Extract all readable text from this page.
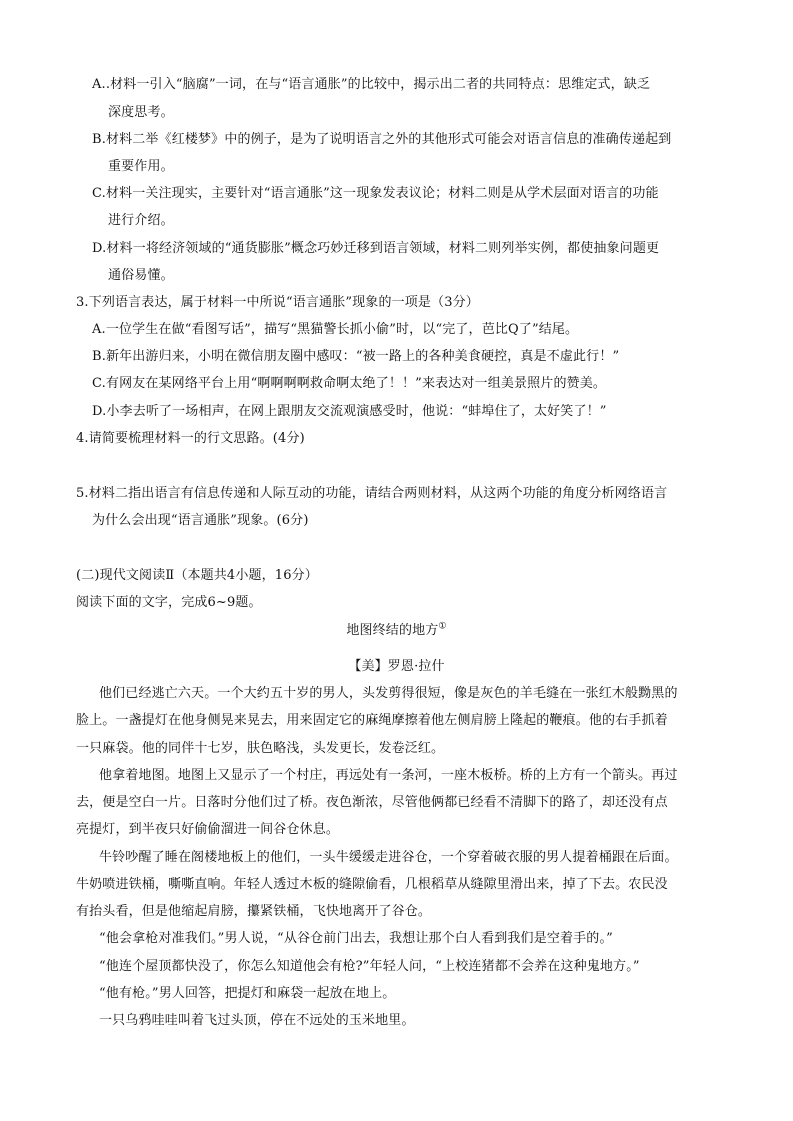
A..材料一引入“脑腐”一词，在与“语言通胀”的比较中，揭示出二者的共同特点：思维定式，缺乏
深度思考。
B.材料二举《红楼梦》中的例子，是为了说明语言之外的其他形式可能会对语言信息的准确传递起到
重要作用。
C.材料一关注现实，主要针对“语言通胀”这一现象发表议论；材料二则是从学术层面对语言的功能
进行介绍。
D.材料一将经济领域的“通货膨胀”概念巧妙迁移到语言领域，材料二则列举实例，都使抽象问题更
通俗易懂。
3.下列语言表达，属于材料一中所说“语言通胀”现象的一项是（3分）
A.一位学生在做“看图写话”，描写“黑猫警长抓小偷”时，以“完了，芭比Q了”结尾。
B.新年出游归来，小明在微信朋友圈中感叹：“被一路上的各种美食硬控，真是不虚此行！”
C.有网友在某网络平台上用“啊啊啊啊救命啊太绝了！！”来表达对一组美景照片的赞美。
D.小李去听了一场相声，在网上跟朋友交流观演感受时，他说：“蚌埠住了，太好笑了！”
4.请简要梳理材料一的行文思路。(4分)
5.材料二指出语言有信息传递和人际互动的功能，请结合两则材料，从这两个功能的角度分析网络语言
为什么会出现“语言通胀”现象。(6分)
(二)现代文阅读Ⅱ（本题共4小题，16分）
阅读下面的文字，完成6~9题。
地图终结的地方①
【美】罗恩·拉什
他们已经逃亡六天。一个大约五十岁的男人，头发剪得很短，像是灰色的羊毛缝在一张红木般黝黑的
脸上。一盏提灯在他身侧晃来晃去，用来固定它的麻绳摩擦着他左侧肩膀上隆起的鞭痕。他的右手抓着
一只麻袋。他的同伴十七岁，肤色略浅，头发更长，发卷泛红。
他拿着地图。地图上又显示了一个村庄，再远处有一条河，一座木板桥。桥的上方有一个箭头。再过
去，便是空白一片。日落时分他们过了桥。夜色渐浓，尽管他俩都已经看不清脚下的路了，却还没有点
亮提灯，到半夜只好偷偷溜进一间谷仓休息。
牛铃吵醒了睡在阁楼地板上的他们，一头牛缓缓走进谷仓，一个穿着破衣服的男人提着桶跟在后面。
牛奶喷进铁桶，嘶嘶直响。年轻人透过木板的缝隙偷看，几根稻草从缝隙里滑出来，掉了下去。农民没
有抬头看，但是他缩起肩膀，攥紧铁桶，飞快地离开了谷仓。
“他会拿枪对准我们。”男人说，“从谷仓前门出去，我想让那个白人看到我们是空着手的。”
“他连个屋顶都快没了，你怎么知道他会有枪?”年轻人问，“上校连猪都不会养在这种鬼地方。”
“他有枪。”男人回答，把提灯和麻袋一起放在地上。
一只乌鸦哇哇叫着飞过头顶，停在不远处的玉米地里。
